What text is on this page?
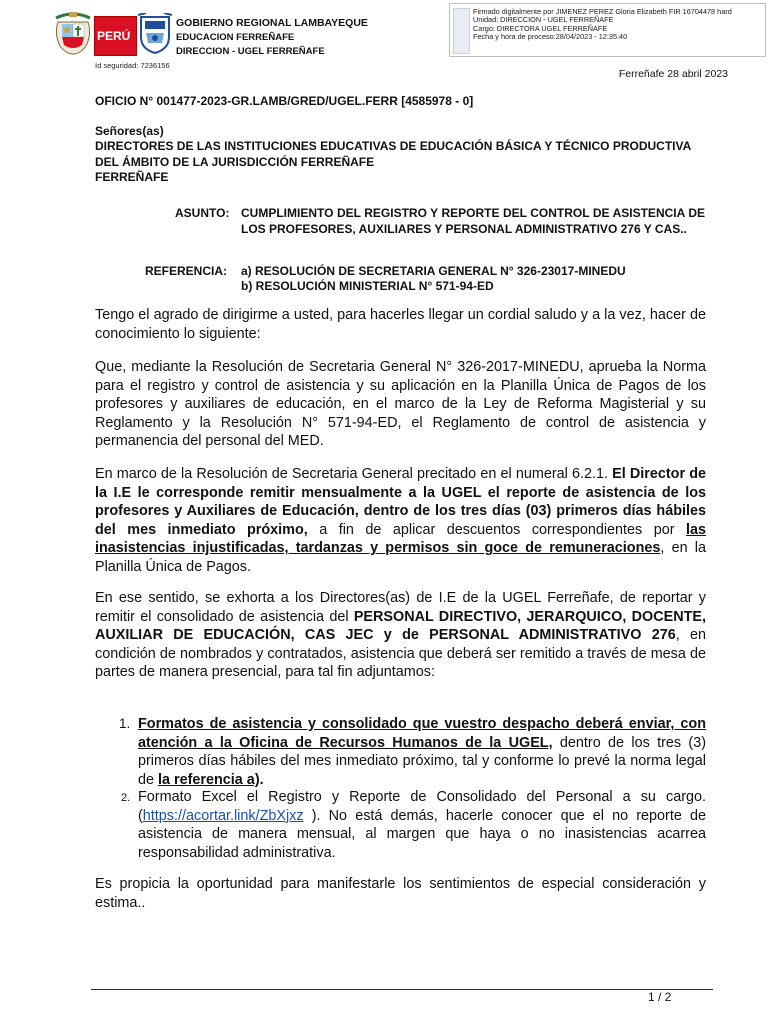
PERÚ
GOBIERNO REGIONAL LAMBAYEQUE
EDUCACION FERREÑAFE
DIRECCION - UGEL FERREÑAFE
Firmado digitalmente por JIMENEZ PEREZ Gloria Elizabeth FIR 16704478 hard
Unidad: DIRECCION - UGEL FERREÑAFE
Cargo: DIRECTORA UGEL FERREÑAFE
Fecha y hora de proceso:28/04/2023 - 12:35:40
Id seguridad: 7236156
Ferreñafe 28 abril 2023
OFICIO N° 001477-2023-GR.LAMB/GRED/UGEL.FERR [4585978 - 0]
Señores(as)
DIRECTORES DE LAS INSTITUCIONES EDUCATIVAS DE EDUCACIÓN BÁSICA Y TÉCNICO PRODUCTIVA DEL ÁMBITO DE LA JURISDICCIÓN FERREÑAFE
FERREÑAFE
ASUNTO: CUMPLIMIENTO DEL REGISTRO Y REPORTE DEL CONTROL DE ASISTENCIA DE LOS PROFESORES, AUXILIARES Y PERSONAL ADMINISTRATIVO 276 Y CAS..
REFERENCIA: a) RESOLUCIÓN DE SECRETARIA GENERAL N° 326-23017-MINEDU
b) RESOLUCIÓN MINISTERIAL N° 571-94-ED
Tengo el agrado de dirigirme a usted, para hacerles llegar un cordial saludo y a la vez, hacer de conocimiento lo siguiente:
Que, mediante la Resolución de Secretaria General N° 326-2017-MINEDU, aprueba la Norma para el registro y control de asistencia y su aplicación en la Planilla Única de Pagos de los profesores y auxiliares de educación, en el marco de la Ley de Reforma Magisterial y su Reglamento y la Resolución N° 571-94-ED, el Reglamento de control de asistencia y permanencia del personal del MED.
En marco de la Resolución de Secretaria General precitado en el numeral 6.2.1. El Director de la I.E le corresponde remitir mensualmente a la UGEL el reporte de asistencia de los profesores y Auxiliares de Educación, dentro de los tres días (03) primeros días hábiles del mes inmediato próximo, a fin de aplicar descuentos correspondientes por las inasistencias injustificadas, tardanzas y permisos sin goce de remuneraciones, en la Planilla Única de Pagos.
En ese sentido, se exhorta a los Directores(as) de I.E de la UGEL Ferreñafe, de reportar y remitir el consolidado de asistencia del PERSONAL DIRECTIVO, JERARQUICO, DOCENTE, AUXILIAR DE EDUCACIÓN, CAS JEC y de PERSONAL ADMINISTRATIVO 276, en condición de nombrados y contratados, asistencia que deberá ser remitido a través de mesa de partes de manera presencial, para tal fin adjuntamos:
1. Formatos de asistencia y consolidado que vuestro despacho deberá enviar, con atención a la Oficina de Recursos Humanos de la UGEL, dentro de los tres (3) primeros días hábiles del mes inmediato próximo, tal y conforme lo prevé la norma legal de la referencia a).
2. Formato Excel el Registro y Reporte de Consolidado del Personal a su cargo. (https://acortar.link/ZbXjxz ). No está demás, hacerle conocer que el no reporte de asistencia de manera mensual, al margen que haya o no inasistencias acarrea responsabilidad administrativa.
Es propicia la oportunidad para manifestarle los sentimientos de especial consideración y estima..
1 / 2
